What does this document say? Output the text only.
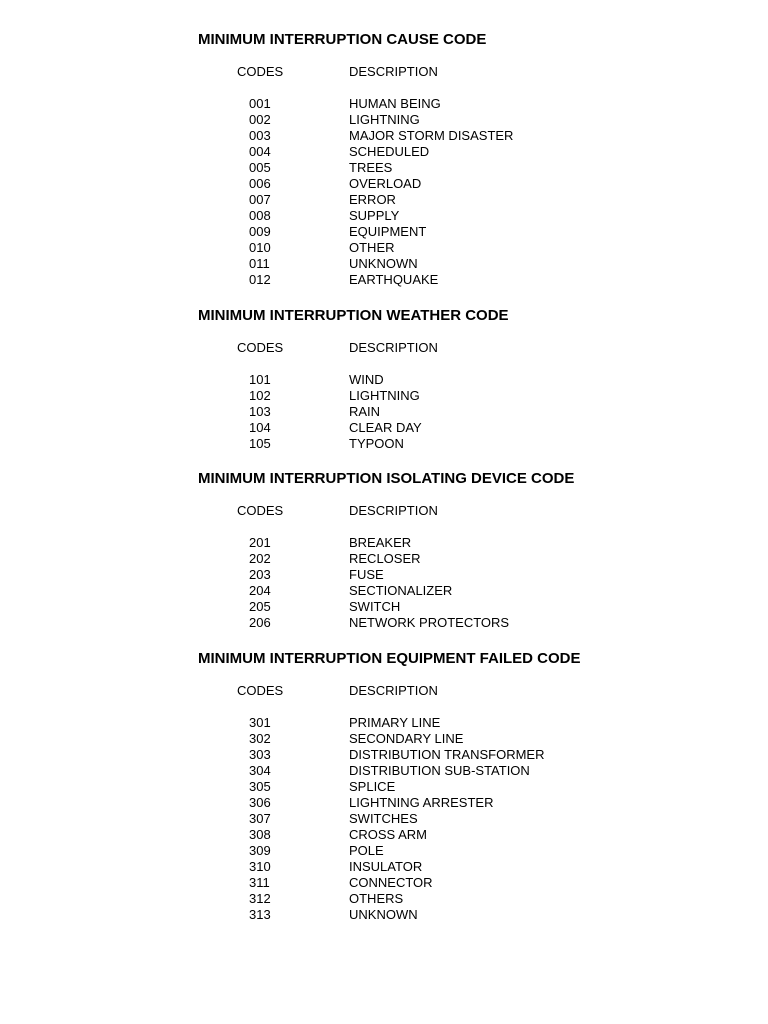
MINIMUM INTERRUPTION CAUSE CODE
CODES	DESCRIPTION
001	HUMAN BEING
002	LIGHTNING
003	MAJOR STORM DISASTER
004	SCHEDULED
005	TREES
006	OVERLOAD
007	ERROR
008	SUPPLY
009	EQUIPMENT
010	OTHER
011	UNKNOWN
012	EARTHQUAKE
MINIMUM INTERRUPTION WEATHER CODE
CODES	DESCRIPTION
101	WIND
102	LIGHTNING
103	RAIN
104	CLEAR DAY
105	TYPOON
MINIMUM INTERRUPTION ISOLATING DEVICE CODE
CODES	DESCRIPTION
201	BREAKER
202	RECLOSER
203	FUSE
204	SECTIONALIZER
205	SWITCH
206	NETWORK PROTECTORS
MINIMUM INTERRUPTION EQUIPMENT FAILED CODE
CODES	DESCRIPTION
301	PRIMARY LINE
302	SECONDARY LINE
303	DISTRIBUTION TRANSFORMER
304	DISTRIBUTION SUB-STATION
305	SPLICE
306	LIGHTNING ARRESTER
307	SWITCHES
308	CROSS ARM
309	POLE
310	INSULATOR
311	CONNECTOR
312	OTHERS
313	UNKNOWN
